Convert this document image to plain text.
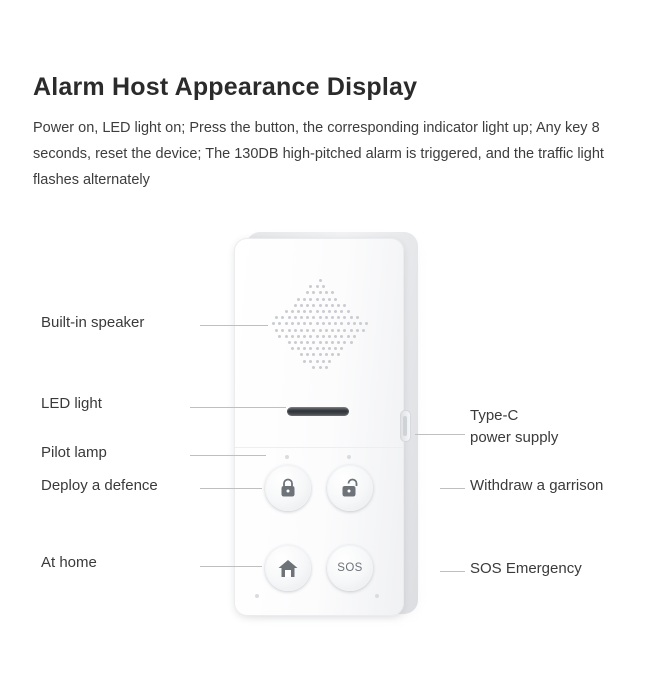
Alarm Host Appearance Display

Power on, LED light on; Press the button, the corresponding indicator light up; Any key 8 seconds, reset the device; The 130DB high-pitched alarm is triggered, and the traffic light flashes alternately

SOS
Built-in speaker
LED light
Pilot lamp
Deploy a defence
At home
Type-C
power supply
Withdraw a garrison
SOS Emergency
